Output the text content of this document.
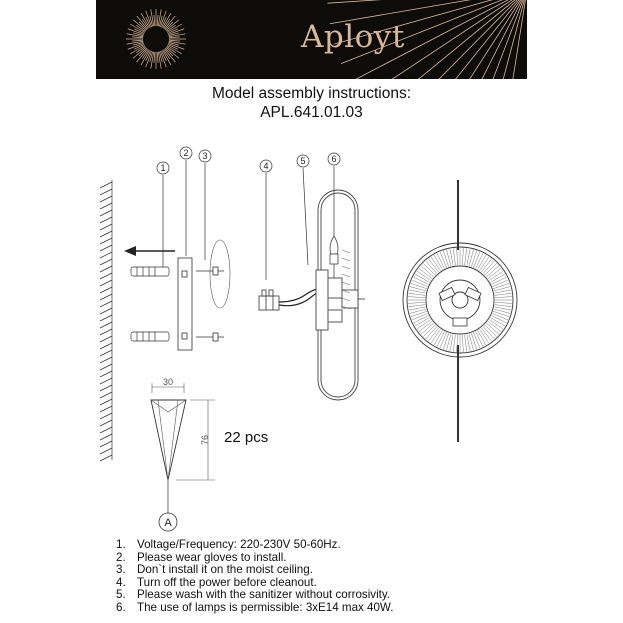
Aployt
Model assembly instructions:
APL.641.01.03
1
2 3
4	5	6
30
76
A
22 pcs
1. Voltage/Frequency: 220-230V 50-60Hz.
2. Please wear gloves to install.
3. Don`t install it on the moist ceiling.
4. Turn off the power before cleanout.
5. Please wash with the sanitizer without corrosivity.
6. The use of lamps is permissible: 3xE14 max 40W.
